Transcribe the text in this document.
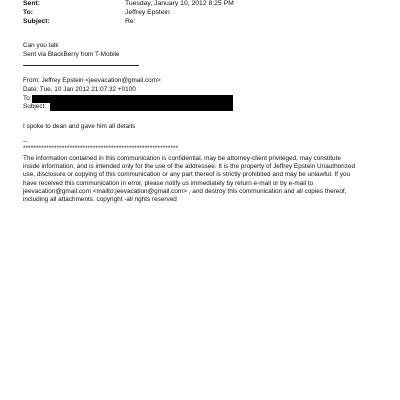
Sent:	Tuesday, January 10, 2012 8:25 PM
To:	Jeffrey Epstein
Subject:	Re:
Can you talk
Sent via BlackBerry from T-Mobile
From: Jeffrey Epstein <jeevacation@gmail.com>
Date: Tue, 10 Jan 2012 21:07:32 +0100
To:
Subject:
I spoke to dean and gave him all details
--
************************************************************
The information contained in this communication is confidential, may be attorney-client privileged, may constitute
inside information, and is intended only for the use of the addressee. It is the property of Jeffrey Epstein Unauthorized
use, disclosure or copying of this communication or any part thereof is strictly prohibited and may be unlawful. If you
have received this communication in error, please notify us immediately by return e-mail or by e-mail to
jeevacation@gmail.com <mailto:jeevacation@gmail.com> , and destroy this communication and all copies thereof,
including all attachments. copyright -all rights reserved
